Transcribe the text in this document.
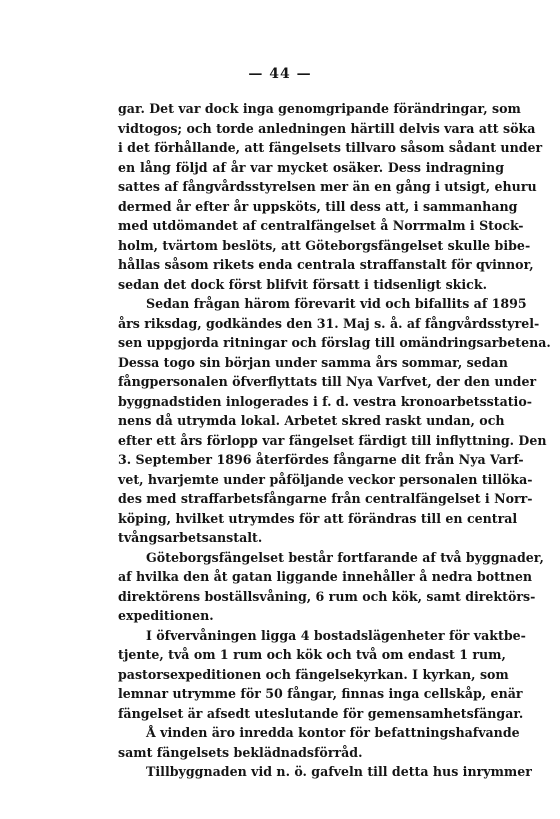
— 44 —
gar. Det var dock inga genomgripande förändringar, som
vidtogos; och torde anledningen härtill delvis vara att söka
i det förhållande, att fängelsets tillvaro såsom sådant under
en lång följd af år var mycket osäker. Dess indragning
sattes af fångvårdsstyrelsen mer än en gång i utsigt, ehuru
dermed år efter år uppsköts, till dess att, i sammanhang
med utdömandet af centralfängelset å Norrmalm i Stock-
holm, tvärtom beslöts, att Göteborgsfängelset skulle bibe-
hållas såsom rikets enda centrala straffanstalt för qvinnor,
sedan det dock först blifvit försatt i tidsenligt skick.
Sedan frågan härom förevarit vid och bifallits af 1895
års riksdag, godkändes den 31. Maj s. å. af fångvårdsstyrel-
sen uppgjorda ritningar och förslag till omändringsarbetena.
Dessa togo sin början under samma års sommar, sedan
fångpersonalen öfverflyttats till Nya Varfvet, der den under
byggnadstiden inlogerades i f. d. vestra kronoarbetsstatio-
nens då utrymda lokal. Arbetet skred raskt undan, och
efter ett års förlopp var fängelset färdigt till inflyttning. Den
3. September 1896 återfördes fångarne dit från Nya Varf-
vet, hvarjemte under påföljande veckor personalen tillöka-
des med straffarbetsfångarne från centralfängelset i Norr-
köping, hvilket utrymdes för att förändras till en central
tvångsarbetsanstalt.
Göteborgsfängelset består fortfarande af två byggnader,
af hvilka den åt gatan liggande innehåller å nedra bottnen
direktörens boställsvåning, 6 rum och kök, samt direktörs-
expeditionen.
I öfvervåningen ligga 4 bostadslägenheter för vaktbe-
tjente, två om 1 rum och kök och två om endast 1 rum,
pastorsexpeditionen och fängelsekyrkan. I kyrkan, som
lemnar utrymme för 50 fångar, finnas inga cellskåp, enär
fängelset är afsedt uteslutande för gemensamhetsfängar.
Å vinden äro inredda kontor för befattningshafvande
samt fängelsets beklädnadsförråd.
Tillbyggnaden vid n. ö. gafveln till detta hus inrymmer
